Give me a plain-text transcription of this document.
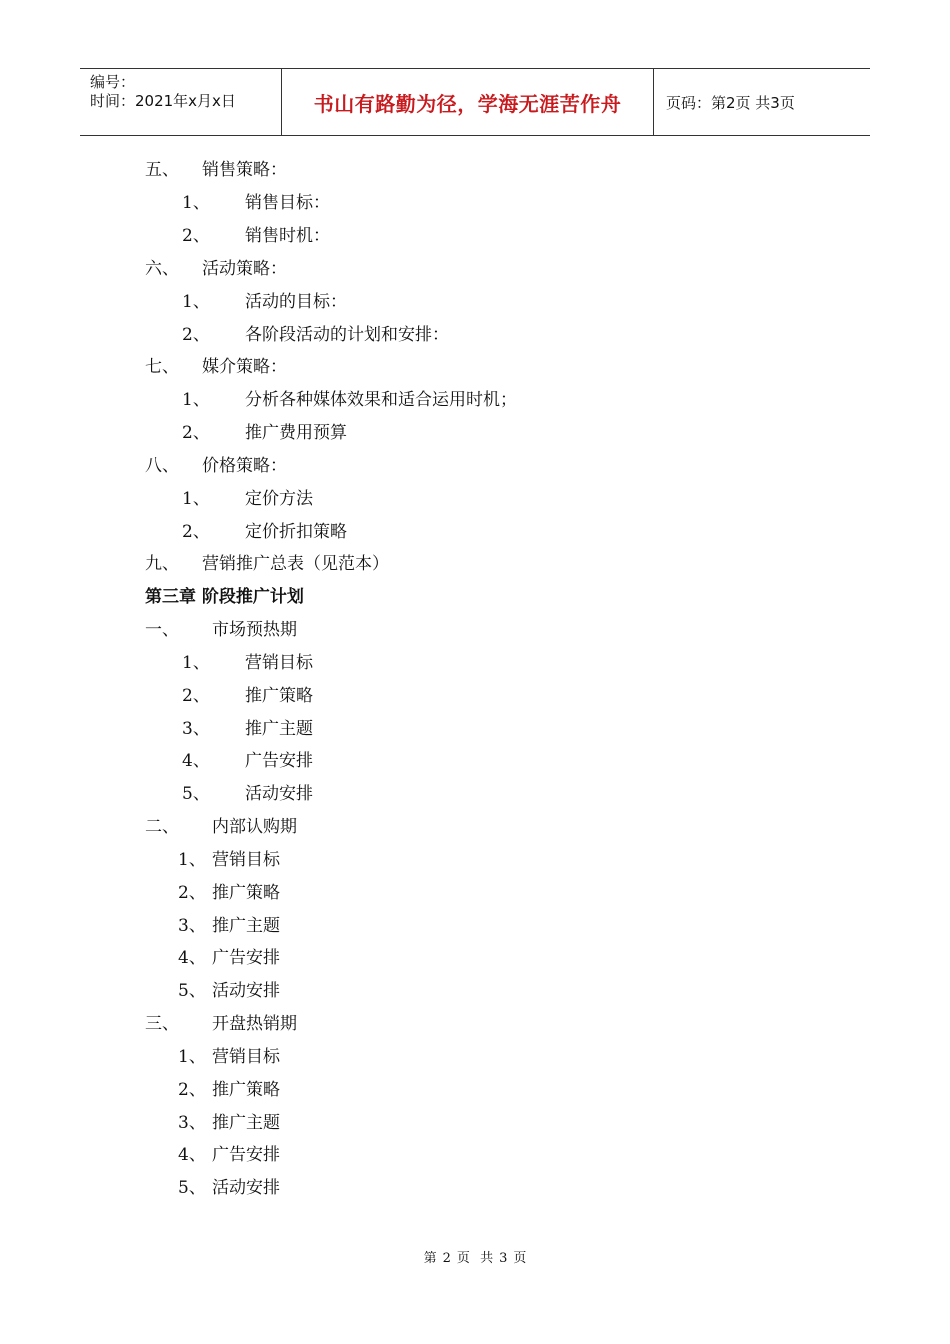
编号：
时间：2021年x月x日	书山有路勤为径，学海无涯苦作舟	页码：第2页 共3页
五、 销售策略：
1、 销售目标：
2、 销售时机：
六、 活动策略：
1、 活动的目标：
2、 各阶段活动的计划和安排：
七、 媒介策略：
1、 分析各种媒体效果和适合运用时机；
2、 推广费用预算
八、 价格策略：
1、 定价方法
2、 定价折扣策略
九、 营销推广总表（见范本）
第三章 阶段推广计划
一、 市场预热期
1、 营销目标
2、 推广策略
3、 推广主题
4、 广告安排
5、 活动安排
二、 内部认购期
1、 营销目标
2、 推广策略
3、 推广主题
4、 广告安排
5、 活动安排
三、 开盘热销期
1、 营销目标
2、 推广策略
3、 推广主题
4、 广告安排
5、 活动安排
第 2 页 共 3 页
